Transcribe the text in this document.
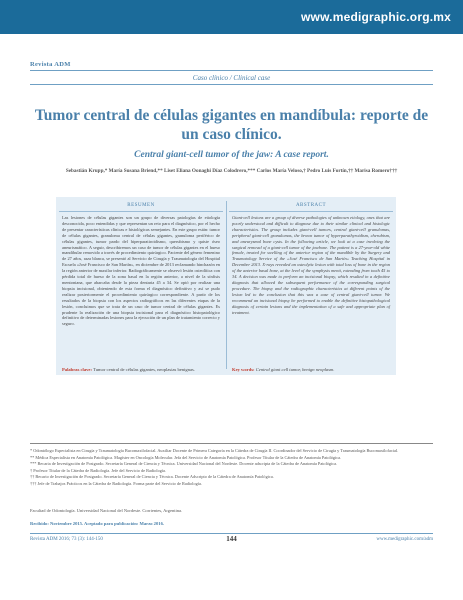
www.medigraphic.org.mx
Revista ADM
Caso clínico / Clinical case
Tumor central de células gigantes en mandíbula: reporte de un caso clínico.
Central giant-cell tumor of the jaw: A case report.
Sebastián Krupp,* María Susana Briend,** Liset Eliana Oonaghi Díaz Colodrero,*** Carlos María Veloso,† Pedro Luis Fortín,†† Marisa Romero†††
RESUMEN
Las lesiones de células gigantes son un grupo de diversas patologías de etiología desconocida, poco entendidas y que representan un reto para el diagnóstico, por el hecho de presentar características clínicas e histológicas semejantes. En este grupo están: tumor de células gigantes, granuloma central de células gigantes, granuloma periférico de células gigantes, tumor pardo del hiperparatiroidismo, querubismo y quiste óseo aneurismático. A seguir, describiremos un caso de tumor de células gigantes en el hueso mandibular removido a través de procedimiento quirúrgico. Paciente del género femenino de 27 años, raza blanca, se presentó al Servicio de Cirugía y Traumatología del Hospital Escuela «José Francisco de San Martín», en diciembre de 2013 reclamando hinchazón en la región anterior de maxilar inferior. Radiográficamente se observó lesión osteolítica con pérdida total de hueso de la zona basal en la región anterior, a nivel de la sínfisis mentoniana, que abarcaba desde la pieza dentaria 45 a 34. Se optó por realizar una biopsia incisional, obteniendo de esta forma el diagnóstico definitivo y así se pudo realizar posteriormente el procedimiento quirúrgico correspondiente. A partir de los resultados de la biopsia con los aspectos radiográficos en las diferentes etapas de la lesión, concluimos que se trata de un caso de tumor central de células gigantes. Es prudente la realización de una biopsia incisional para el diagnóstico histopatológico definitivo de determinadas lesiones para la ejecución de un plan de tratamiento correcto y seguro.
ABSTRACT
Giant-cell lesions are a group of diverse pathologies of unknown etiology, ones that are poorly understood and difficult to diagnose due to their similar clinical and histologic characteristics. The group includes giant-cell tumors, central giant-cell granulomas, peripheral giant-cell granulomas, the brown tumor of hyperparathyroidism, cherubism, and aneurysmal bone cysts. In the following article, we look at a case involving the surgical removal of a giant-cell tumor of the jawbone. The patient is a 27-year-old white female, treated for swelling of the anterior region of the mandible by the Surgery and Traumatology Service of the «José Francisco de San Martín» Teaching Hospital in December 2013. X-rays revealed an osteolytic lesion with total loss of bone in the region of the anterior basal bone, at the level of the symphysis menti, extending from tooth 45 to 34. A decision was made to perform an incisional biopsy, which resulted in a definitive diagnosis that allowed the subsequent performance of the corresponding surgical procedure. The biopsy and the radiographic characteristics at different points of the lesion led to the conclusion that this was a case of central giant-cell tumor. We recommend an incisional biopsy be performed to enable the definitive histopathological diagnosis of certain lesions and the implementation of a safe and appropriate plan of treatment.
Palabras clave: Tumor central de células gigantes, neoplasias benignas.	Key words: Central giant cell tumor, benign neoplasm.

* Odontólogo Especialista en Cirugía y Traumatología Bucomaxilofacial. Auxiliar Docente de Primera Categoría en la Cátedra de Cirugía II. Coordinador del Servicio de Cirugía y Traumatología Bucomaxilofacial.

** Médica Especialista en Anatomía Patológica. Magíster en Oncología Molecular. Jefa del Servicio de Anatomía Patológica. Profesor Titular de la Cátedra de Anatomía Patológica.

*** Becaria de Investigación de Postgrado. Secretaría General de Ciencia y Técnica. Universidad Nacional del Nordeste. Docente adscripta de la Cátedra de Anatomía Patológica.

† Profesor Titular de la Cátedra de Radiología. Jefe del Servicio de Radiología.

†† Becario de Investigación de Postgrado. Secretaría General de Ciencia y Técnica. Docente Adscripto de la Cátedra de Anatomía Patológica.

††† Jefe de Trabajos Prácticos en la Cátedra de Radiología. Forma parte del Servicio de Radiología.

Facultad de Odontología. Universidad Nacional del Nordeste. Corrientes, Argentina.
Recibido: Noviembre 2015. Aceptado para publicación: Marzo 2016.
Revista ADM 2016; 73 (3): 144-150	144	www.medigraphic.com/adm
